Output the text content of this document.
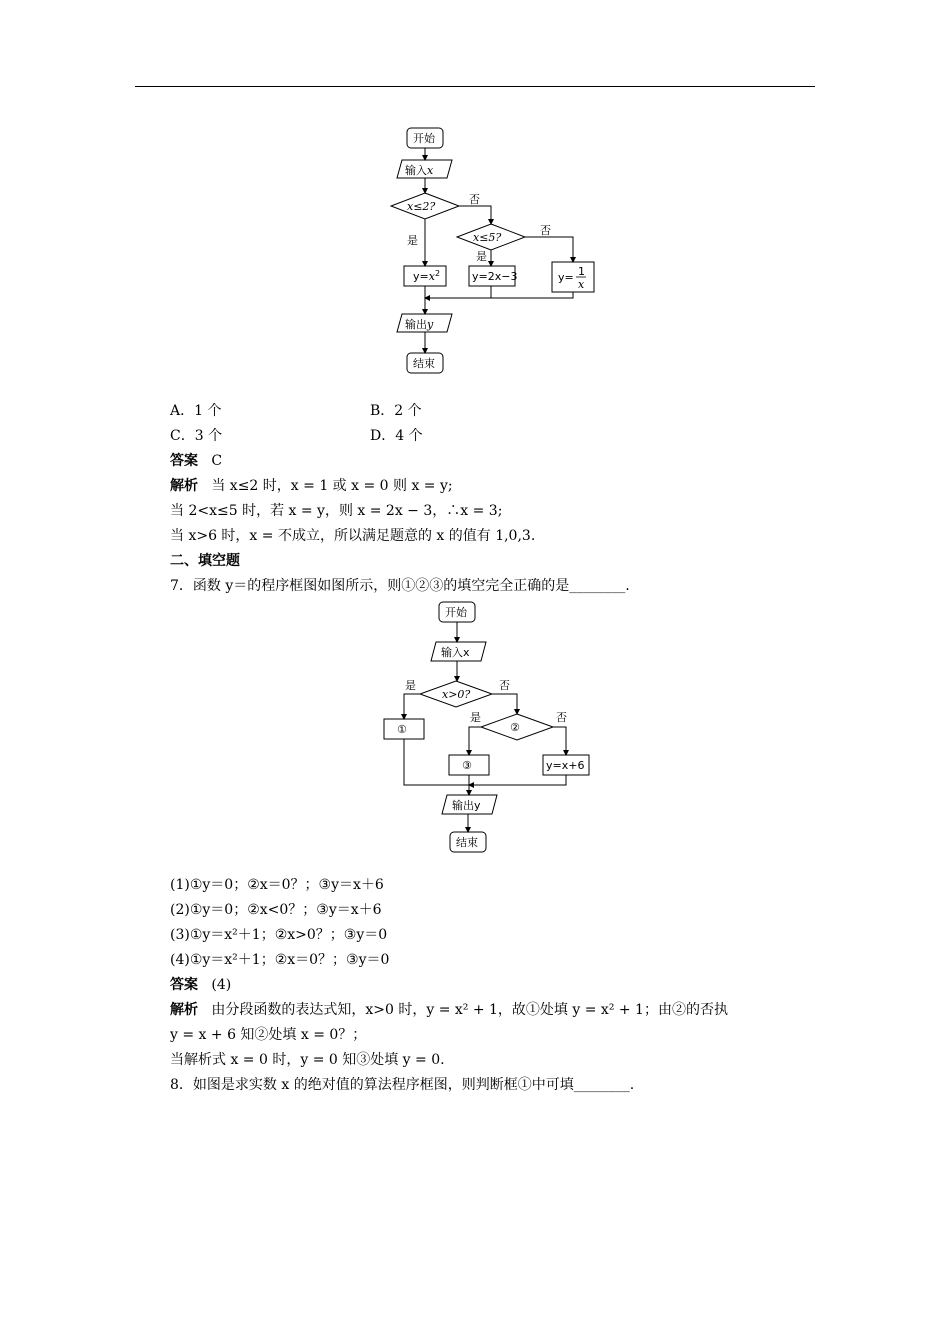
开始
输入x
x≤2?
x≤5?
否
否
是
是
$y=x^2$	y=2x−3	y= 1
x
输出y
结束
A．1 个	B．2 个
C．3 个	D．4 个
答案 C
解析 当 x≤2 时，x = 1 或 x = 0 则 x = y;
当 2<x≤5 时，若 x = y，则 x = 2x − 3，∴x = 3;
当 x>6 时，x = 不成立，所以满足题意的 x 的值有 1,0,3.
二、填空题
7．函数 y＝的程序框图如图所示，则①②③的填空完全正确的是________.
开始
输入x
x>0?
是	否
是	否
①	②
③	y=x+6
输出y
结束
(1)①y＝0；②x＝0？；③y＝x＋6
(2)①y＝0；②x<0？；③y＝x＋6
(3)①y＝x²＋1；②x>0？；③y＝0
(4)①y＝x²＋1；②x＝0？；③y＝0
答案 (4)
解析 由分段函数的表达式知，x>0 时，y = x² + 1，故①处填 y = x² + 1；由②的否执
y = x + 6 知②处填 x = 0？；
当解析式 x = 0 时，y = 0 知③处填 y = 0.
8．如图是求实数 x 的绝对值的算法程序框图，则判断框①中可填________.
